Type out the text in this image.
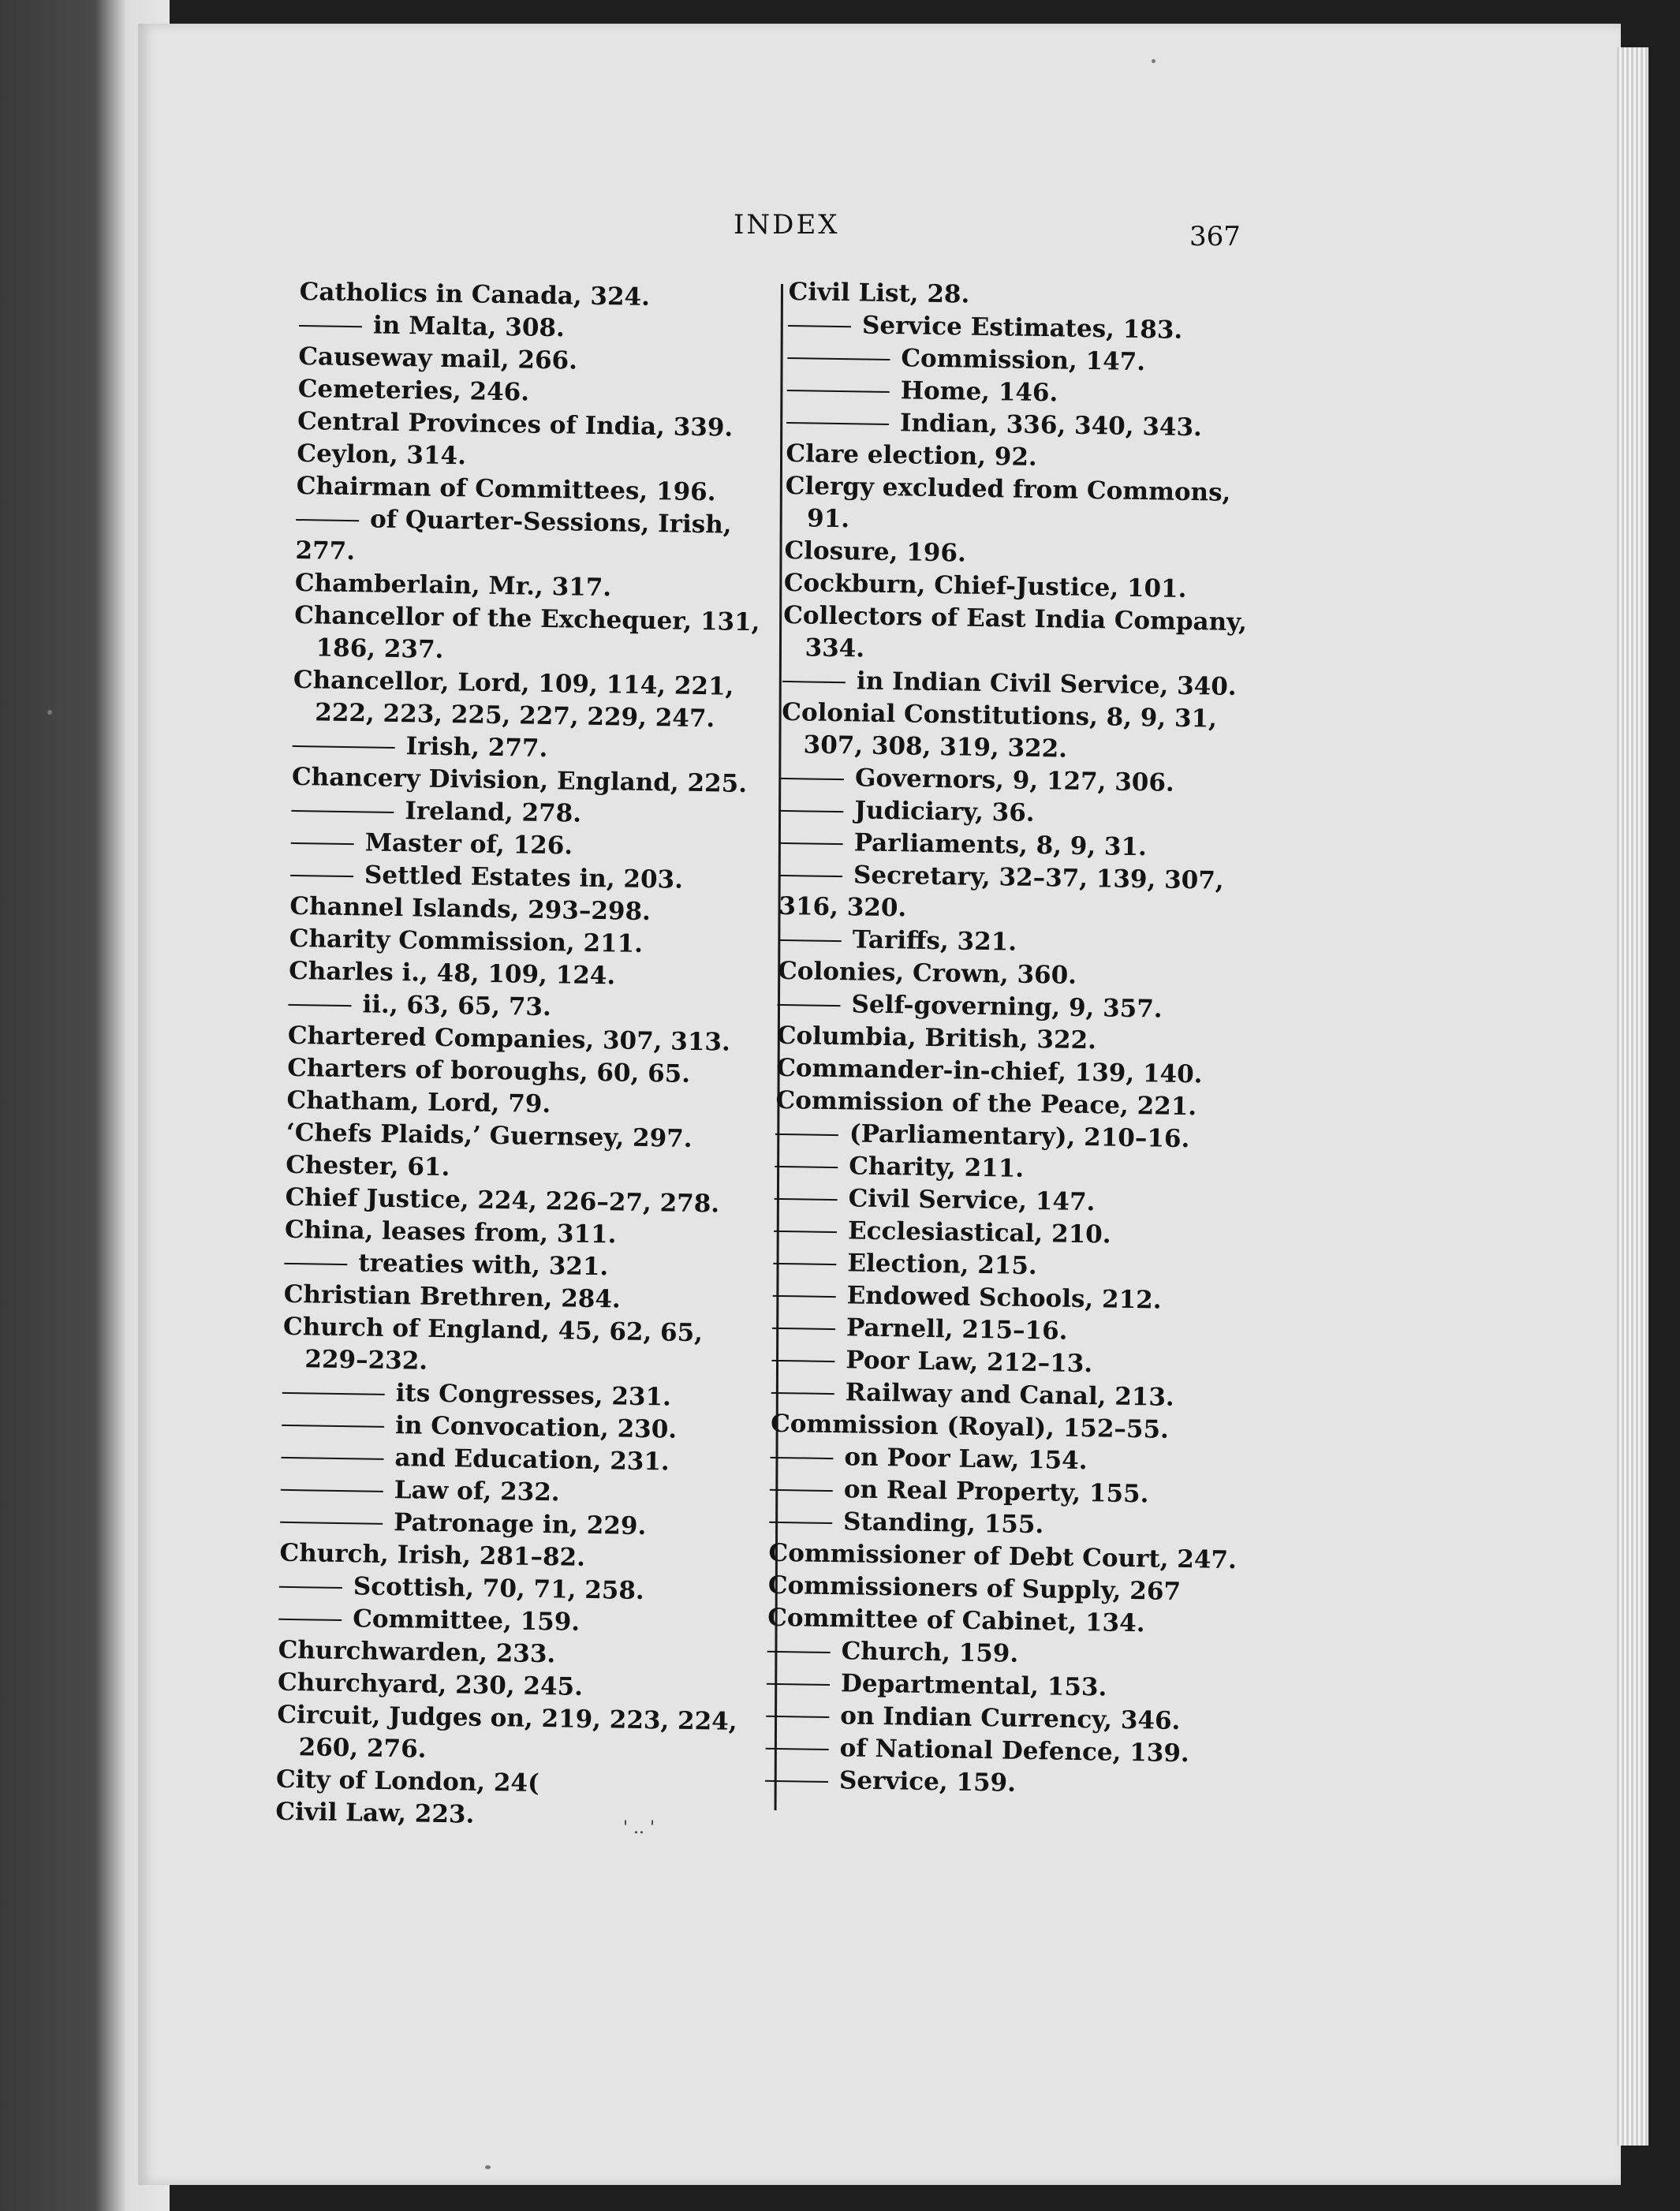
INDEX	367
Catholics in Canada, 324.
in Malta, 308.
Causeway mail, 266.
Cemeteries, 246.
Central Provinces of India, 339.
Ceylon, 314.
Chairman of Committees, 196.
of Quarter-Sessions, Irish, 277.
Chamberlain, Mr., 317.
Chancellor of the Exchequer, 131, 186, 237.
Chancellor, Lord, 109, 114, 221, 222, 223, 225, 227, 229, 247.
Irish, 277.
Chancery Division, England, 225.
Ireland, 278.
Master of, 126.
Settled Estates in, 203.
Channel Islands, 293–298.
Charity Commission, 211.
Charles i., 48, 109, 124.
ii., 63, 65, 73.
Chartered Companies, 307, 313.
Charters of boroughs, 60, 65.
Chatham, Lord, 79.
‘Chefs Plaids,’ Guernsey, 297.
Chester, 61.
Chief Justice, 224, 226–27, 278.
China, leases from, 311.
treaties with, 321.
Christian Brethren, 284.
Church of England, 45, 62, 65, 229–232.
its Congresses, 231.
in Convocation, 230.
and Education, 231.
Law of, 232.
Patronage in, 229.
Church, Irish, 281–82.
Scottish, 70, 71, 258.
Committee, 159.
Churchwarden, 233.
Churchyard, 230, 245.
Circuit, Judges on, 219, 223, 224, 260, 276.
City of London, 24(
Civil Law, 223.
Civil List, 28.
Service Estimates, 183.
Commission, 147.
Home, 146.
Indian, 336, 340, 343.
Clare election, 92.
Clergy excluded from Commons, 91.
Closure, 196.
Cockburn, Chief-Justice, 101.
Collectors of East India Company, 334.
in Indian Civil Service, 340.
Colonial Constitutions, 8, 9, 31, 307, 308, 319, 322.
Governors, 9, 127, 306.
Judiciary, 36.
Parliaments, 8, 9, 31.
Secretary, 32–37, 139, 307, 316, 320.
Tariffs, 321.
Colonies, Crown, 360.
Self-governing, 9, 357.
Columbia, British, 322.
Commander-in-chief, 139, 140.
Commission of the Peace, 221.
(Parliamentary), 210–16.
Charity, 211.
Civil Service, 147.
Ecclesiastical, 210.
Election, 215.
Endowed Schools, 212.
Parnell, 215–16.
Poor Law, 212–13.
Railway and Canal, 213.
Commission (Royal), 152–55.
on Poor Law, 154.
on Real Property, 155.
Standing, 155.
Commissioner of Debt Court, 247.
Commissioners of Supply, 267
Committee of Cabinet, 134.
Church, 159.
Departmental, 153.
on Indian Currency, 346.
of National Defence, 139.
Service, 159.
' .. '
